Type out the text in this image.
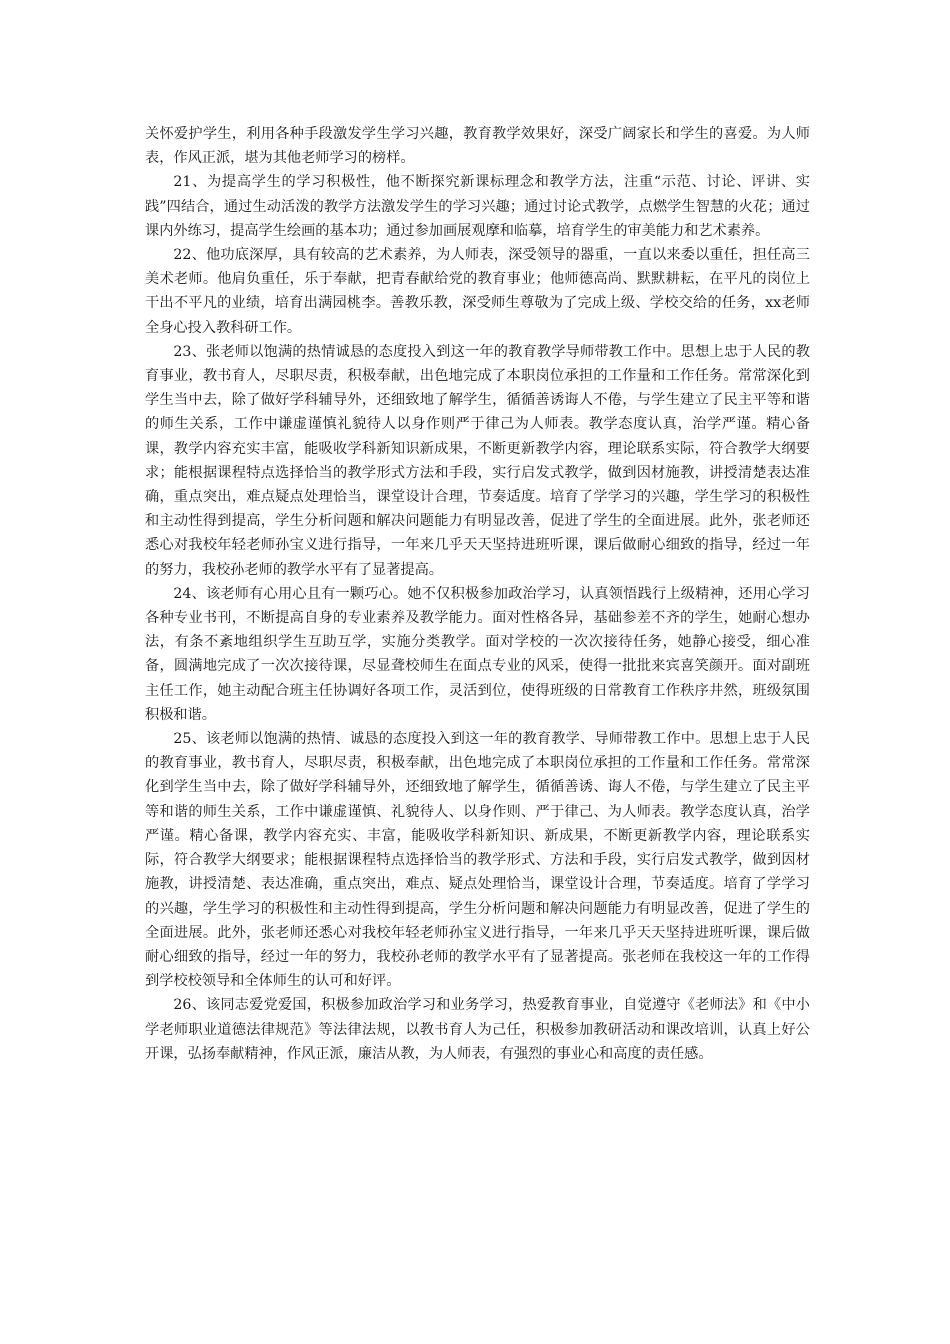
关怀爱护学生，利用各种手段激发学生学习兴趣，教育教学效果好，深受广阔家长和学生的喜爱。为人师表，作风正派，堪为其他老师学习的榜样。

21、为提高学生的学习积极性，他不断探究新课标理念和教学方法，注重“示范、讨论、评讲、实践”四结合，通过生动活泼的教学方法激发学生的学习兴趣；通过讨论式教学，点燃学生智慧的火花；通过课内外练习，提高学生绘画的基本功；通过参加画展观摩和临摹，培育学生的审美能力和艺术素养。

22、他功底深厚，具有较高的艺术素养，为人师表，深受领导的器重，一直以来委以重任，担任高三美术老师。他肩负重任，乐于奉献，把青春献给党的教育事业；他师德高尚、默默耕耘，在平凡的岗位上干出不平凡的业绩，培育出满园桃李。善教乐教，深受师生尊敬为了完成上级、学校交给的任务，xx老师全身心投入教科研工作。

23、张老师以饱满的热情诚恳的态度投入到这一年的教育教学导师带教工作中。思想上忠于人民的教育事业，教书育人，尽职尽责，积极奉献，出色地完成了本职岗位承担的工作量和工作任务。常常深化到学生当中去，除了做好学科辅导外，还细致地了解学生，循循善诱诲人不倦，与学生建立了民主平等和谐的师生关系，工作中谦虚谨慎礼貌待人以身作则严于律己为人师表。教学态度认真，治学严谨。精心备课，教学内容充实丰富，能吸收学科新知识新成果，不断更新教学内容，理论联系实际，符合教学大纲要求；能根据课程特点选择恰当的教学形式方法和手段，实行启发式教学，做到因材施教，讲授清楚表达准确，重点突出，难点疑点处理恰当，课堂设计合理，节奏适度。培育了学学习的兴趣，学生学习的积极性和主动性得到提高，学生分析问题和解决问题能力有明显改善，促进了学生的全面进展。此外，张老师还悉心对我校年轻老师孙宝义进行指导，一年来几乎天天坚持进班听课，课后做耐心细致的指导，经过一年的努力，我校孙老师的教学水平有了显著提高。

24、该老师有心用心且有一颗巧心。她不仅积极参加政治学习，认真领悟践行上级精神，还用心学习各种专业书刊，不断提高自身的专业素养及教学能力。面对性格各异，基础参差不齐的学生，她耐心想办法，有条不紊地组织学生互助互学，实施分类教学。面对学校的一次次接待任务，她静心接受，细心准备，圆满地完成了一次次接待课，尽显聋校师生在面点专业的风采，使得一批批来宾喜笑颜开。面对副班主任工作，她主动配合班主任协调好各项工作，灵活到位，使得班级的日常教育工作秩序井然，班级氛围积极和谐。

25、该老师以饱满的热情、诚恳的态度投入到这一年的教育教学、导师带教工作中。思想上忠于人民的教育事业，教书育人，尽职尽责，积极奉献，出色地完成了本职岗位承担的工作量和工作任务。常常深化到学生当中去，除了做好学科辅导外，还细致地了解学生，循循善诱、诲人不倦，与学生建立了民主平等和谐的师生关系，工作中谦虚谨慎、礼貌待人、以身作则、严于律己、为人师表。教学态度认真，治学严谨。精心备课，教学内容充实、丰富，能吸收学科新知识、新成果，不断更新教学内容，理论联系实际，符合教学大纲要求；能根据课程特点选择恰当的教学形式、方法和手段，实行启发式教学，做到因材施教，讲授清楚、表达准确，重点突出，难点、疑点处理恰当，课堂设计合理，节奏适度。培育了学学习的兴趣，学生学习的积极性和主动性得到提高，学生分析问题和解决问题能力有明显改善，促进了学生的全面进展。此外，张老师还悉心对我校年轻老师孙宝义进行指导，一年来几乎天天坚持进班听课，课后做耐心细致的指导，经过一年的努力，我校孙老师的教学水平有了显著提高。张老师在我校这一年的工作得到学校校领导和全体师生的认可和好评。

26、该同志爱党爱国，积极参加政治学习和业务学习，热爱教育事业，自觉遵守《老师法》和《中小学老师职业道德法律规范》等法律法规，以教书育人为己任，积极参加教研活动和课改培训，认真上好公开课，弘扬奉献精神，作风正派，廉洁从教，为人师表，有强烈的事业心和高度的责任感。
